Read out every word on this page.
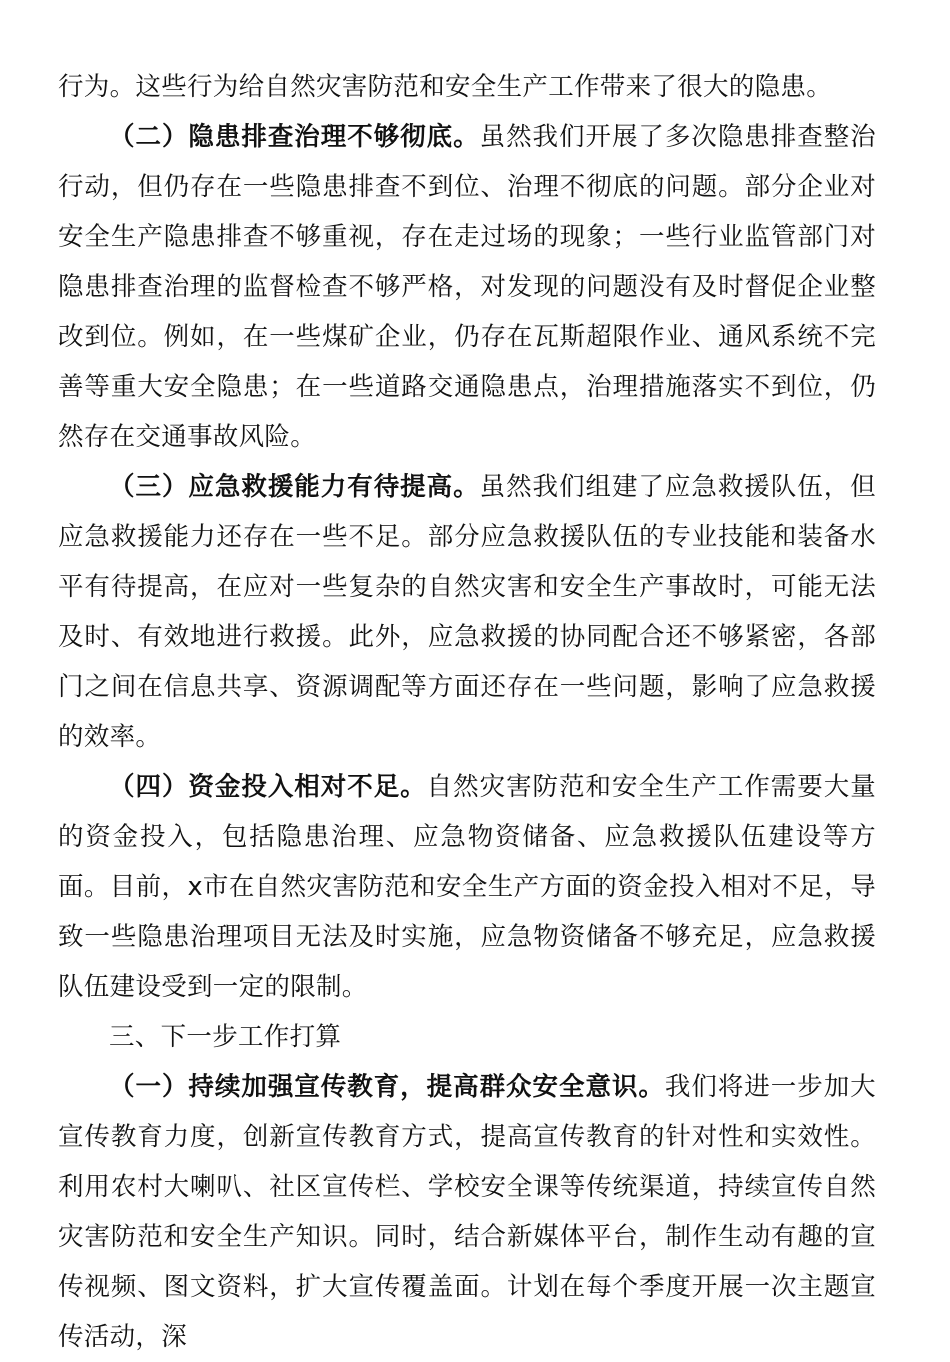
行为。这些行为给自然灾害防范和安全生产工作带来了很大的隐患。

（二）隐患排查治理不够彻底。虽然我们开展了多次隐患排查整治行动，但仍存在一些隐患排查不到位、治理不彻底的问题。部分企业对安全生产隐患排查不够重视，存在走过场的现象；一些行业监管部门对隐患排查治理的监督检查不够严格，对发现的问题没有及时督促企业整改到位。例如，在一些煤矿企业，仍存在瓦斯超限作业、通风系统不完善等重大安全隐患；在一些道路交通隐患点，治理措施落实不到位，仍然存在交通事故风险。

（三）应急救援能力有待提高。虽然我们组建了应急救援队伍，但应急救援能力还存在一些不足。部分应急救援队伍的专业技能和装备水平有待提高，在应对一些复杂的自然灾害和安全生产事故时，可能无法及时、有效地进行救援。此外，应急救援的协同配合还不够紧密，各部门之间在信息共享、资源调配等方面还存在一些问题，影响了应急救援的效率。

（四）资金投入相对不足。自然灾害防范和安全生产工作需要大量的资金投入，包括隐患治理、应急物资储备、应急救援队伍建设等方面。目前，x市在自然灾害防范和安全生产方面的资金投入相对不足，导致一些隐患治理项目无法及时实施，应急物资储备不够充足，应急救援队伍建设受到一定的限制。

三、下一步工作打算

（一）持续加强宣传教育，提高群众安全意识。我们将进一步加大宣传教育力度，创新宣传教育方式，提高宣传教育的针对性和实效性。利用农村大喇叭、社区宣传栏、学校安全课等传统渠道，持续宣传自然灾害防范和安全生产知识。同时，结合新媒体平台，制作生动有趣的宣传视频、图文资料，扩大宣传覆盖面。计划在每个季度开展一次主题宣传活动，深
